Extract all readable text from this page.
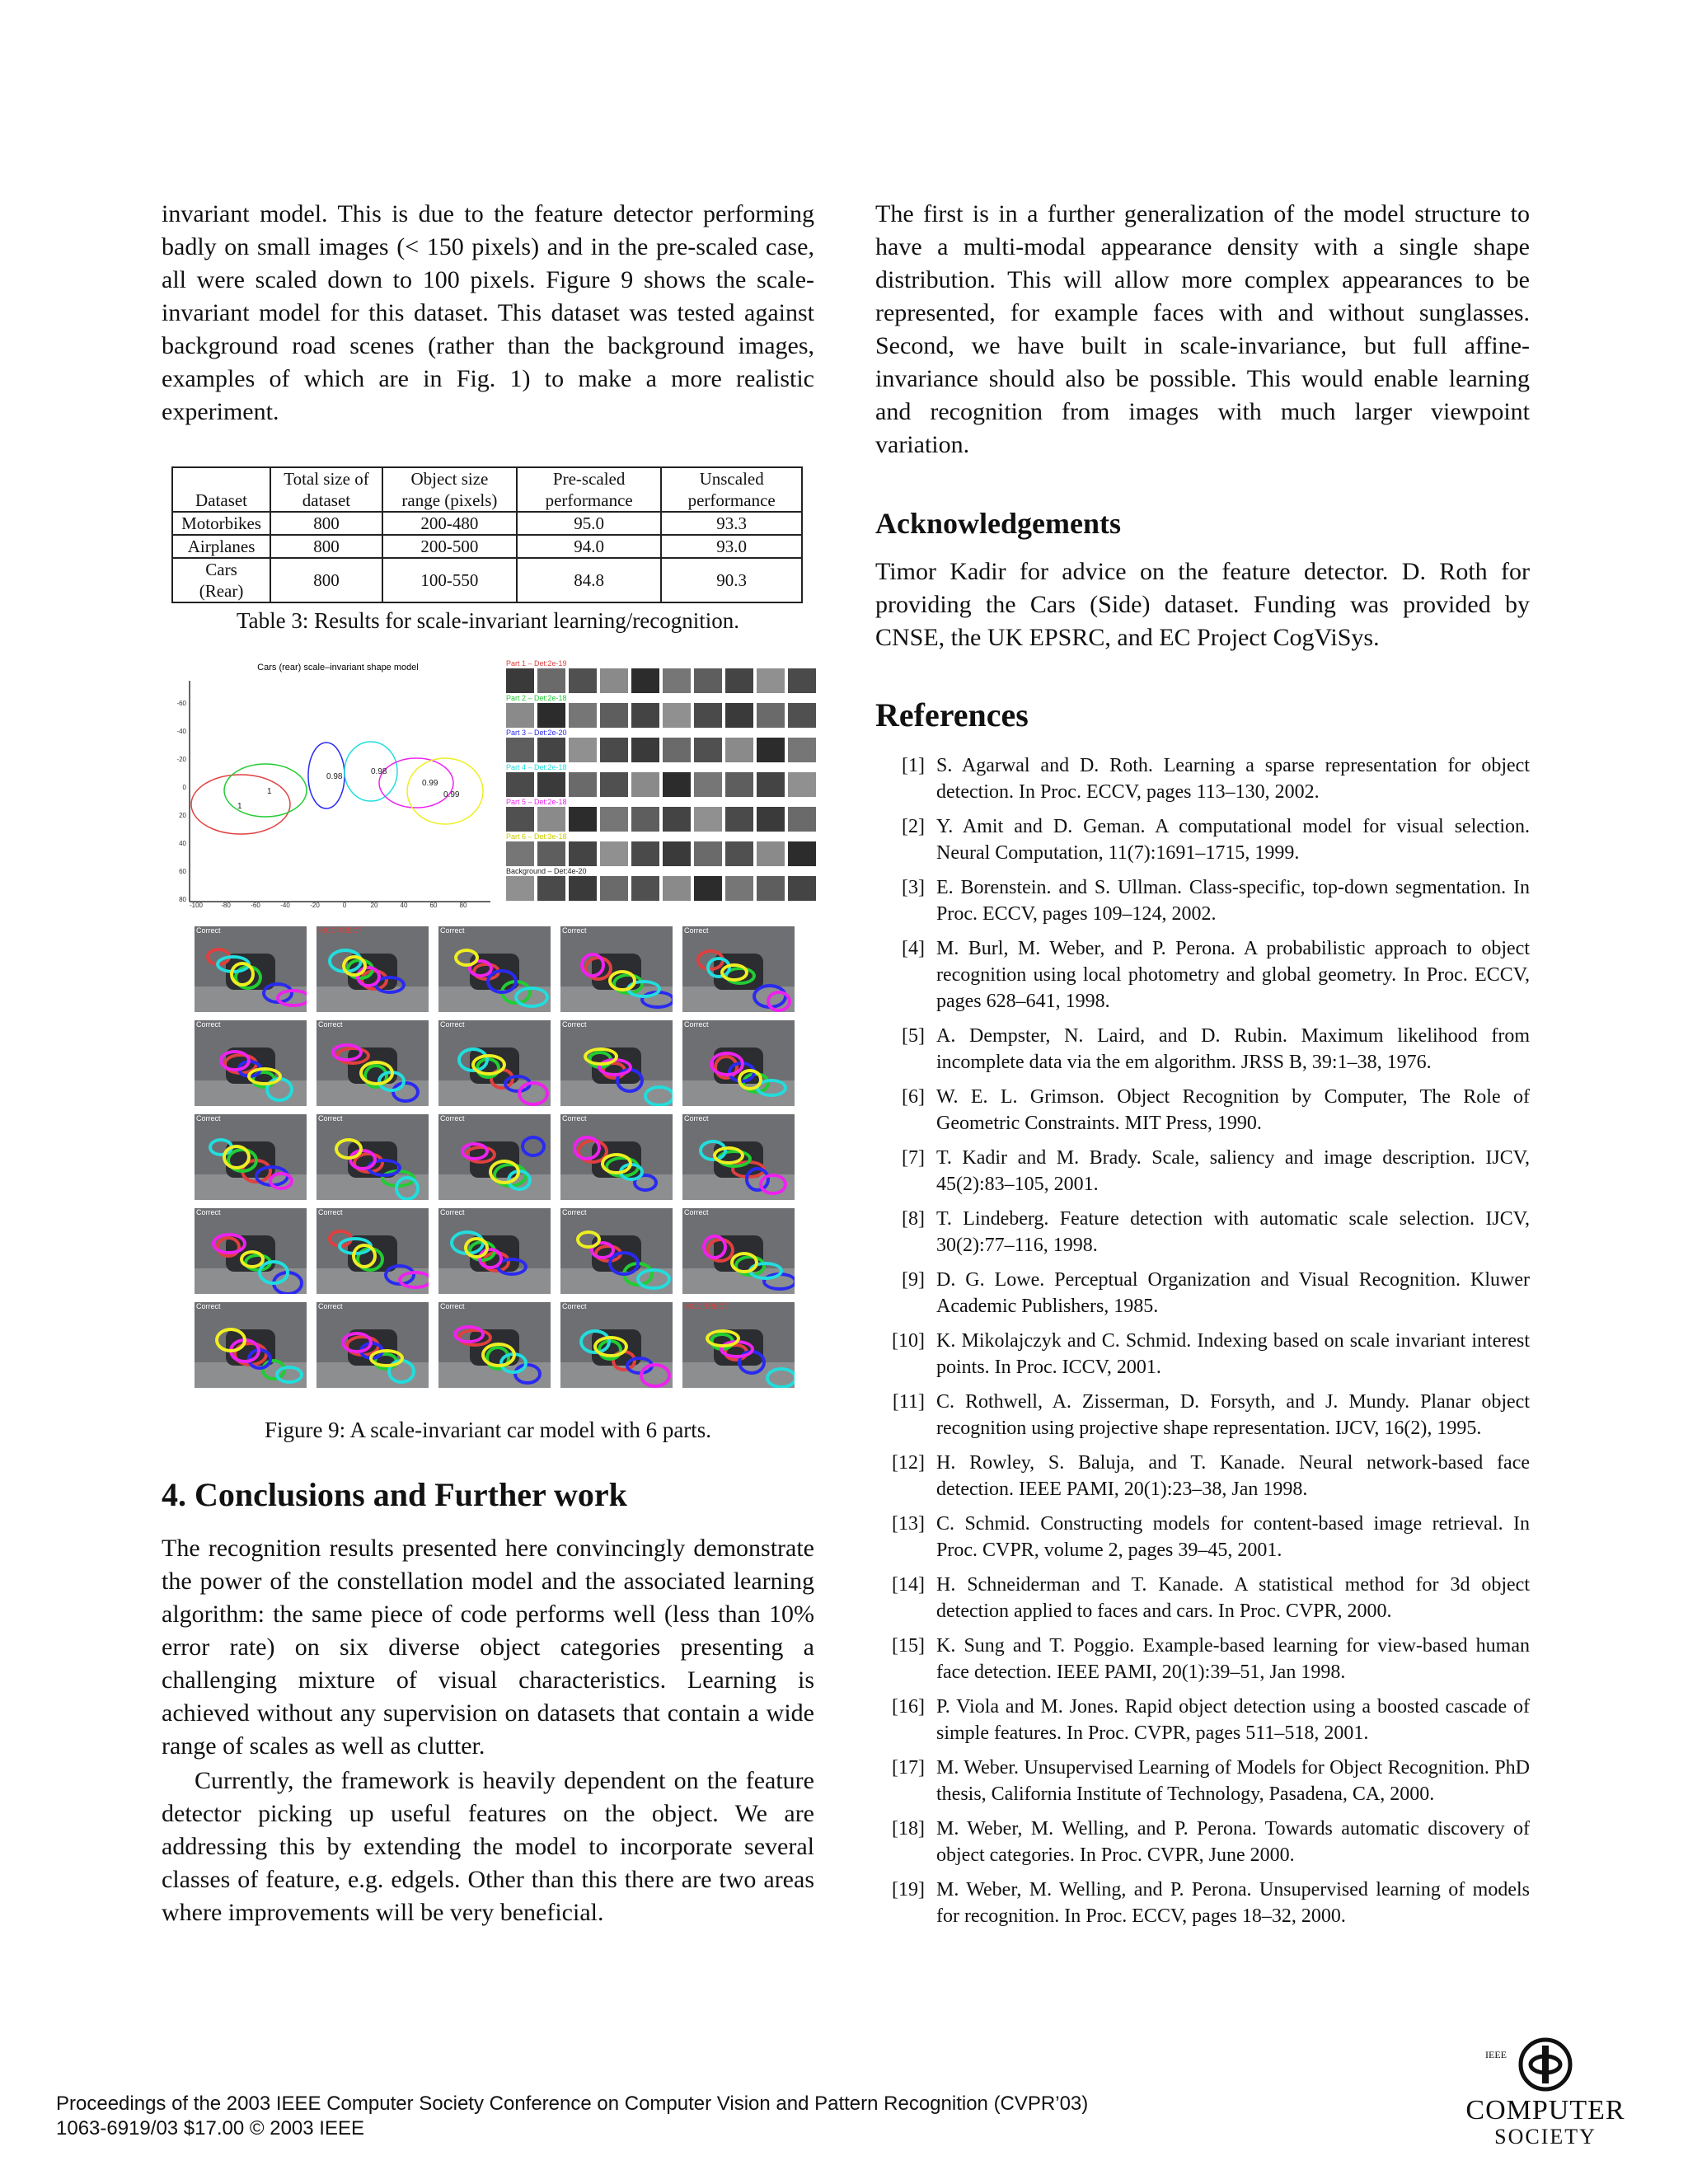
invariant model. This is due to the feature detector performing badly on small images (< 150 pixels) and in the pre-scaled case, all were scaled down to 100 pixels. Figure 9 shows the scale-invariant model for this dataset. This dataset was tested against background road scenes (rather than the background images, examples of which are in Fig. 1) to make a more realistic experiment.

Dataset	Total size of dataset	Object size range (pixels)	Pre-scaled performance	Unscaled performance
Motorbikes	800	200-480	95.0	93.3
Airplanes	800	200-500	94.0	93.0
Cars (Rear)	800	100-550	84.8	90.3
Table 3: Results for scale-invariant learning/recognition.
Cars (rear) scale–invariant shape model
-60
-40
-20
0
20
40
60
80
-100	-80	-60	-40	-20	0	20	40	60	80
1
1
0.98
0.98
0.99
0.99
Part 1 – Det:2e-19
Part 2 – Det:2e-18
Part 3 – Det:2e-20
Part 4 – Det:2e-18
Part 5 – Det:2e-18
Part 6 – Det:3e-18
Background – Det:4e-20
Correct	INCORRECT	Correct	Correct	Correct
Correct	Correct	Correct	Correct	Correct
Correct	Correct	Correct	Correct	Correct
Correct	Correct	Correct	Correct	Correct
Correct	Correct	Correct	Correct	INCORRECT
Figure 9: A scale-invariant car model with 6 parts.
4. Conclusions and Further work

The recognition results presented here convincingly demonstrate the power of the constellation model and the associated learning algorithm: the same piece of code performs well (less than 10% error rate) on six diverse object categories presenting a challenging mixture of visual characteristics. Learning is achieved without any supervision on datasets that contain a wide range of scales as well as clutter.

Currently, the framework is heavily dependent on the feature detector picking up useful features on the object. We are addressing this by extending the model to incorporate several classes of feature, e.g. edgels. Other than this there are two areas where improvements will be very beneficial.

The first is in a further generalization of the model structure to have a multi-modal appearance density with a single shape distribution. This will allow more complex appearances to be represented, for example faces with and without sunglasses. Second, we have built in scale-invariance, but full affine-invariance should also be possible. This would enable learning and recognition from images with much larger viewpoint variation.

Acknowledgements

Timor Kadir for advice on the feature detector. D. Roth for providing the Cars (Side) dataset. Funding was provided by CNSE, the UK EPSRC, and EC Project CogViSys.

References
[1] S. Agarwal and D. Roth. Learning a sparse representation for object detection. In Proc. ECCV, pages 113–130, 2002.
[2] Y. Amit and D. Geman. A computational model for visual selection. Neural Computation, 11(7):1691–1715, 1999.
[3] E. Borenstein. and S. Ullman. Class-specific, top-down segmentation. In Proc. ECCV, pages 109–124, 2002.
[4] M. Burl, M. Weber, and P. Perona. A probabilistic approach to object recognition using local photometry and global geometry. In Proc. ECCV, pages 628–641, 1998.
[5] A. Dempster, N. Laird, and D. Rubin. Maximum likelihood from incomplete data via the em algorithm. JRSS B, 39:1–38, 1976.
[6] W. E. L. Grimson. Object Recognition by Computer, The Role of Geometric Constraints. MIT Press, 1990.
[7] T. Kadir and M. Brady. Scale, saliency and image description. IJCV, 45(2):83–105, 2001.
[8] T. Lindeberg. Feature detection with automatic scale selection. IJCV, 30(2):77–116, 1998.
[9] D. G. Lowe. Perceptual Organization and Visual Recognition. Kluwer Academic Publishers, 1985.
[10] K. Mikolajczyk and C. Schmid. Indexing based on scale invariant interest points. In Proc. ICCV, 2001.
[11] C. Rothwell, A. Zisserman, D. Forsyth, and J. Mundy. Planar object recognition using projective shape representation. IJCV, 16(2), 1995.
[12] H. Rowley, S. Baluja, and T. Kanade. Neural network-based face detection. IEEE PAMI, 20(1):23–38, Jan 1998.
[13] C. Schmid. Constructing models for content-based image retrieval. In Proc. CVPR, volume 2, pages 39–45, 2001.
[14] H. Schneiderman and T. Kanade. A statistical method for 3d object detection applied to faces and cars. In Proc. CVPR, 2000.
[15] K. Sung and T. Poggio. Example-based learning for view-based human face detection. IEEE PAMI, 20(1):39–51, Jan 1998.
[16] P. Viola and M. Jones. Rapid object detection using a boosted cascade of simple features. In Proc. CVPR, pages 511–518, 2001.
[17] M. Weber. Unsupervised Learning of Models for Object Recognition. PhD thesis, California Institute of Technology, Pasadena, CA, 2000.
[18] M. Weber, M. Welling, and P. Perona. Towards automatic discovery of object categories. In Proc. CVPR, June 2000.
[19] M. Weber, M. Welling, and P. Perona. Unsupervised learning of models for recognition. In Proc. ECCV, pages 18–32, 2000.
Proceedings of the 2003 IEEE Computer Society Conference on Computer Vision and Pattern Recognition (CVPR’03)
1063-6919/03 $17.00 © 2003 IEEE
IEEE
COMPUTER
SOCIETY
